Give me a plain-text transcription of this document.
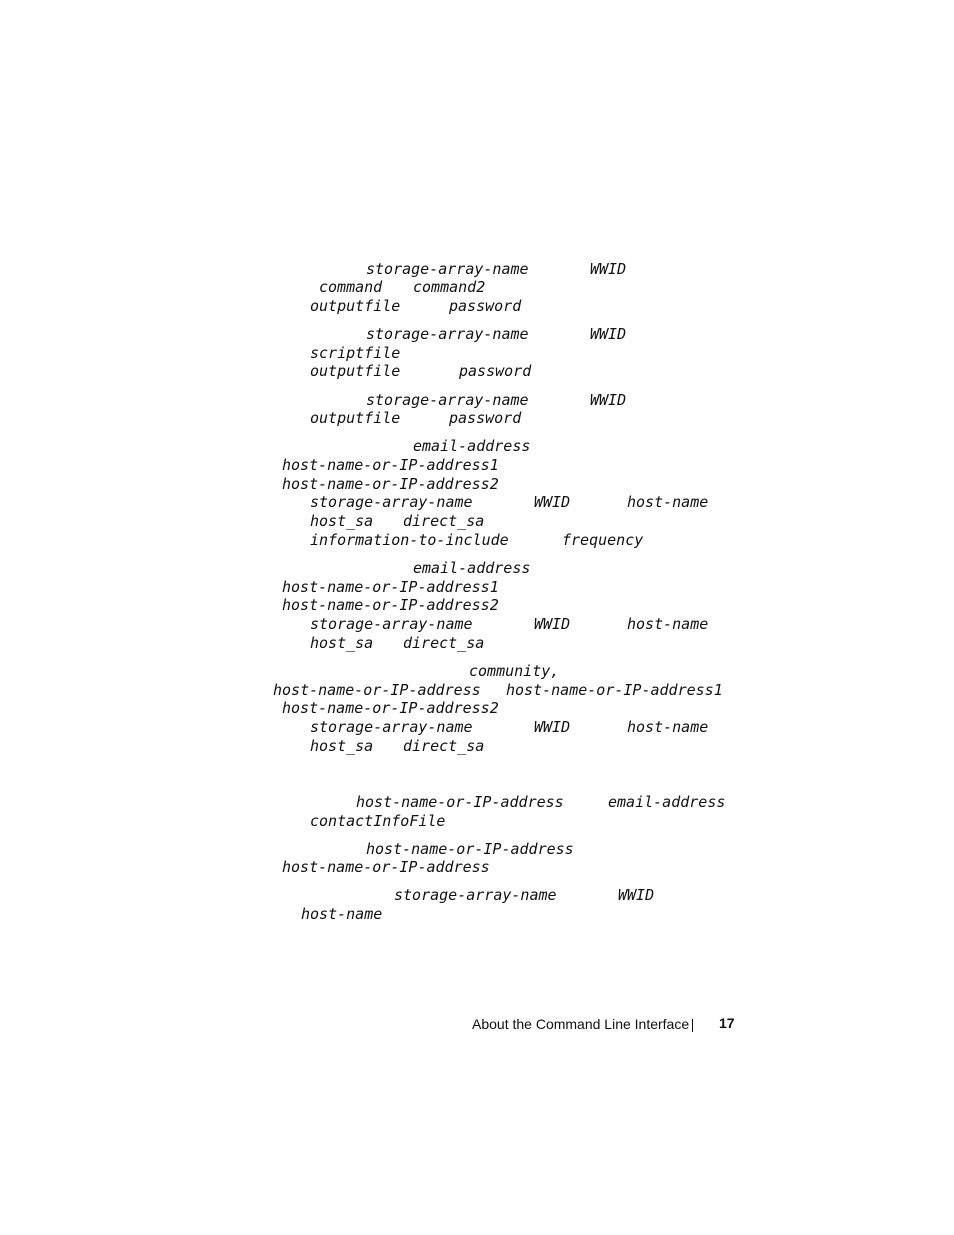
storage-array-name	WWID
command command2
outputfile	password
storage-array-name	WWID
scriptfile
outputfile	password
storage-array-name	WWID
outputfile	password
email-address
host-name-or-IP-address1
host-name-or-IP-address2
storage-array-name	WWID	host-name
host_sa direct_sa
information-to-include	frequency
email-address
host-name-or-IP-address1
host-name-or-IP-address2
storage-array-name	WWID	host-name
host_sa direct_sa
community,
host-name-or-IP-address host-name-or-IP-address1
host-name-or-IP-address2
storage-array-name	WWID	host-name
host_sa direct_sa
host-name-or-IP-address	email-address
contactInfoFile
host-name-or-IP-address
host-name-or-IP-address
storage-array-name	WWID
host-name
About the Command Line Interface 17
